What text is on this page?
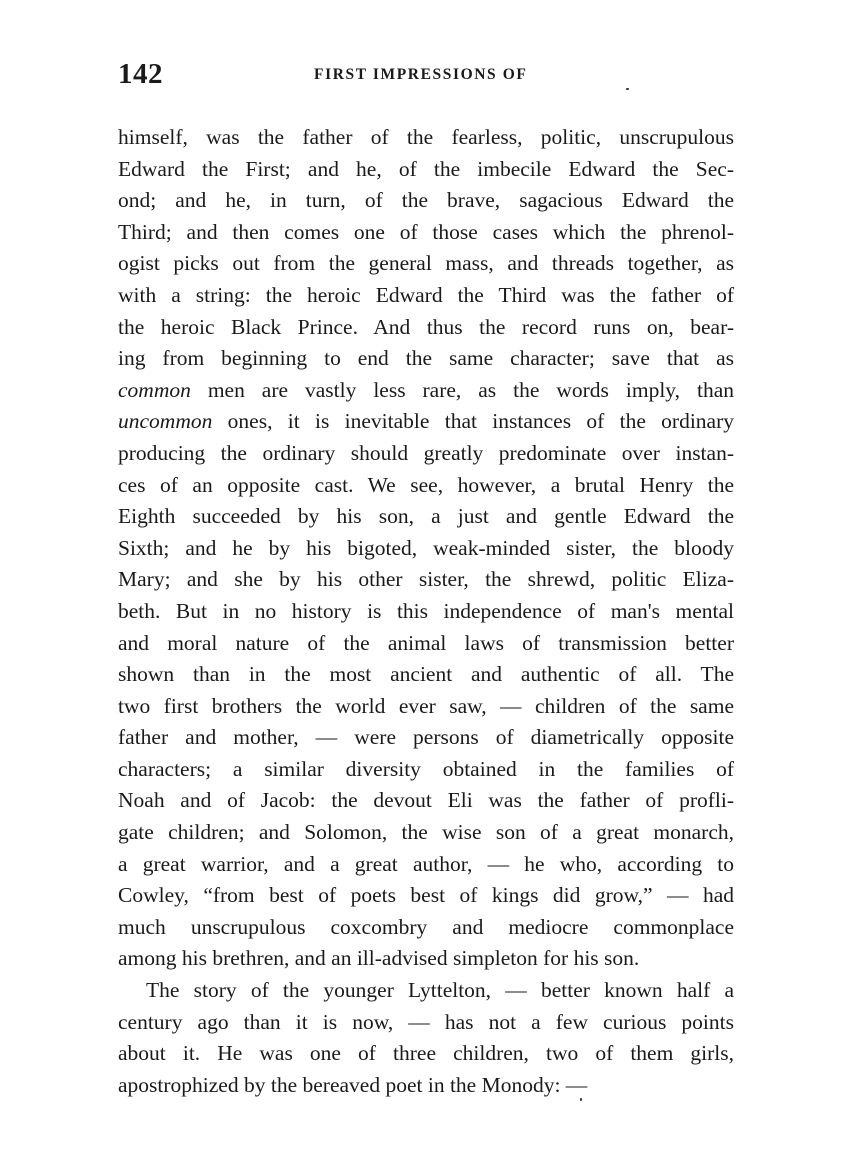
142	FIRST IMPRESSIONS OF
himself, was the father of the fearless, politic, unscrupulous
Edward the First; and he, of the imbecile Edward the Sec-
ond; and he, in turn, of the brave, sagacious Edward the
Third; and then comes one of those cases which the phrenol-
ogist picks out from the general mass, and threads together, as
with a string: the heroic Edward the Third was the father of
the heroic Black Prince. And thus the record runs on, bear-
ing from beginning to end the same character; save that as
common men are vastly less rare, as the words imply, than
uncommon ones, it is inevitable that instances of the ordinary
producing the ordinary should greatly predominate over instan-
ces of an opposite cast. We see, however, a brutal Henry the
Eighth succeeded by his son, a just and gentle Edward the
Sixth; and he by his bigoted, weak-minded sister, the bloody
Mary; and she by his other sister, the shrewd, politic Eliza-
beth. But in no history is this independence of man's mental
and moral nature of the animal laws of transmission better
shown than in the most ancient and authentic of all. The
two first brothers the world ever saw, — children of the same
father and mother, — were persons of diametrically opposite
characters; a similar diversity obtained in the families of
Noah and of Jacob: the devout Eli was the father of profli-
gate children; and Solomon, the wise son of a great monarch,
a great warrior, and a great author, — he who, according to
Cowley, “from best of poets best of kings did grow,” — had
much unscrupulous coxcombry and mediocre commonplace
among his brethren, and an ill-advised simpleton for his son.
The story of the younger Lyttelton, — better known half a
century ago than it is now, — has not a few curious points
about it. He was one of three children, two of them girls,
apostrophized by the bereaved poet in the Monody: —
